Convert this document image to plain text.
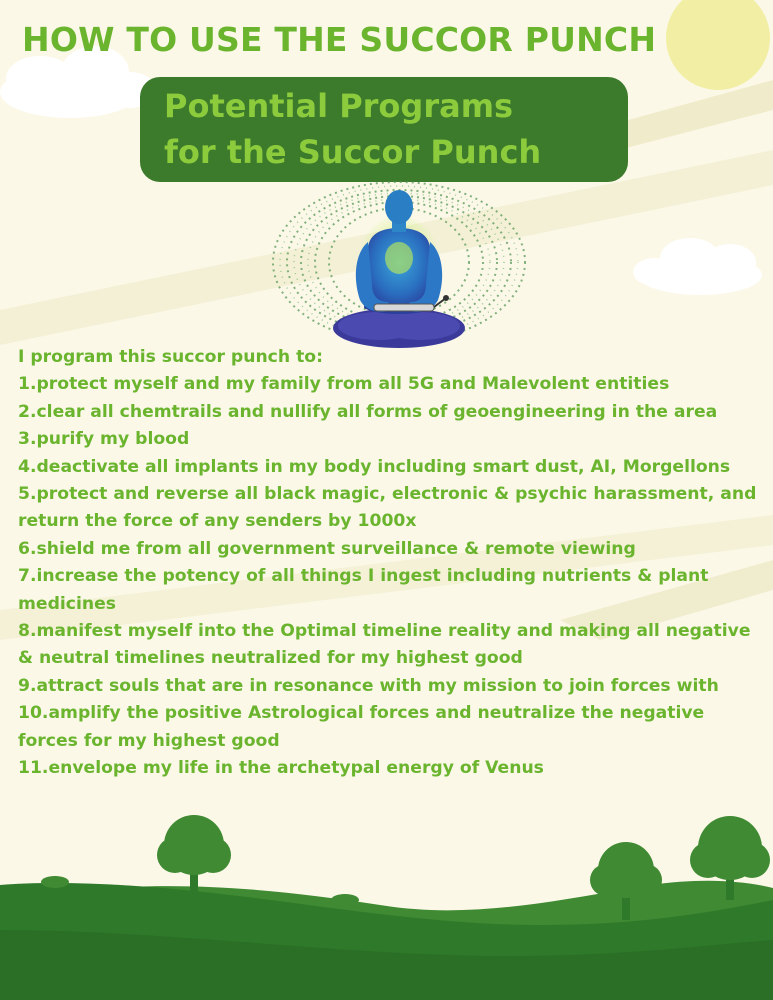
HOW TO USE THE SUCCOR PUNCH
Potential Programs
for the Succor Punch
I program this succor punch to:
1.protect myself and my family from all 5G and Malevolent entities
2.clear all chemtrails and nullify all forms of geoengineering in the area
3.purify my blood
4.deactivate all implants in my body including smart dust, AI, Morgellons
5.protect and reverse all black magic, electronic & psychic harassment, and return the force of any senders by 1000x
6.shield me from all government surveillance & remote viewing
7.increase the potency of all things I ingest including nutrients & plant medicines
8.manifest myself into the Optimal timeline reality and making all negative & neutral timelines neutralized for my highest good
9.attract souls that are in resonance with my mission to join forces with
10.amplify the positive Astrological forces and neutralize the negative forces for my highest good
11.envelope my life in the archetypal energy of Venus
